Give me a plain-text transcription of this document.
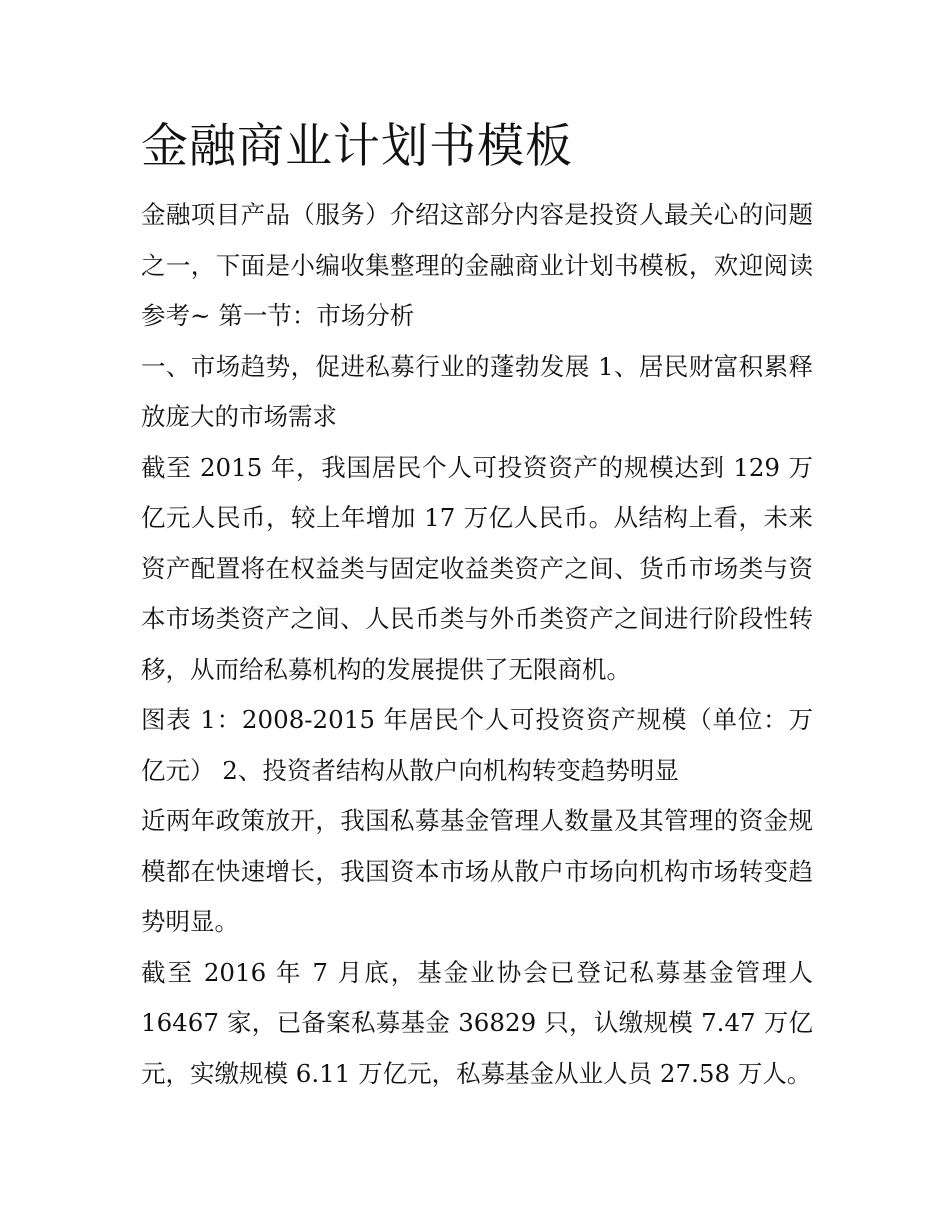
金融商业计划书模板

金融项目产品（服务）介绍这部分内容是投资人最关心的问题之一，下面是小编收集整理的金融商业计划书模板，欢迎阅读参考~ 第一节：市场分析

一、市场趋势，促进私募行业的蓬勃发展 1、居民财富积累释放庞大的市场需求

截至 2015 年，我国居民个人可投资资产的规模达到 129 万亿元人民币，较上年增加 17 万亿人民币。从结构上看，未来资产配置将在权益类与固定收益类资产之间、货币市场类与资本市场类资产之间、人民币类与外币类资产之间进行阶段性转移，从而给私募机构的发展提供了无限商机。

图表 1：2008-2015 年居民个人可投资资产规模（单位：万亿元） 2、投资者结构从散户向机构转变趋势明显

近两年政策放开，我国私募基金管理人数量及其管理的资金规模都在快速增长，我国资本市场从散户市场向机构市场转变趋势明显。

截至 2016 年 7 月底，基金业协会已登记私募基金管理人 16467 家，已备案私募基金 36829 只，认缴规模 7.47 万亿元，实缴规模 6.11 万亿元，私募基金从业人员 27.58 万人。
